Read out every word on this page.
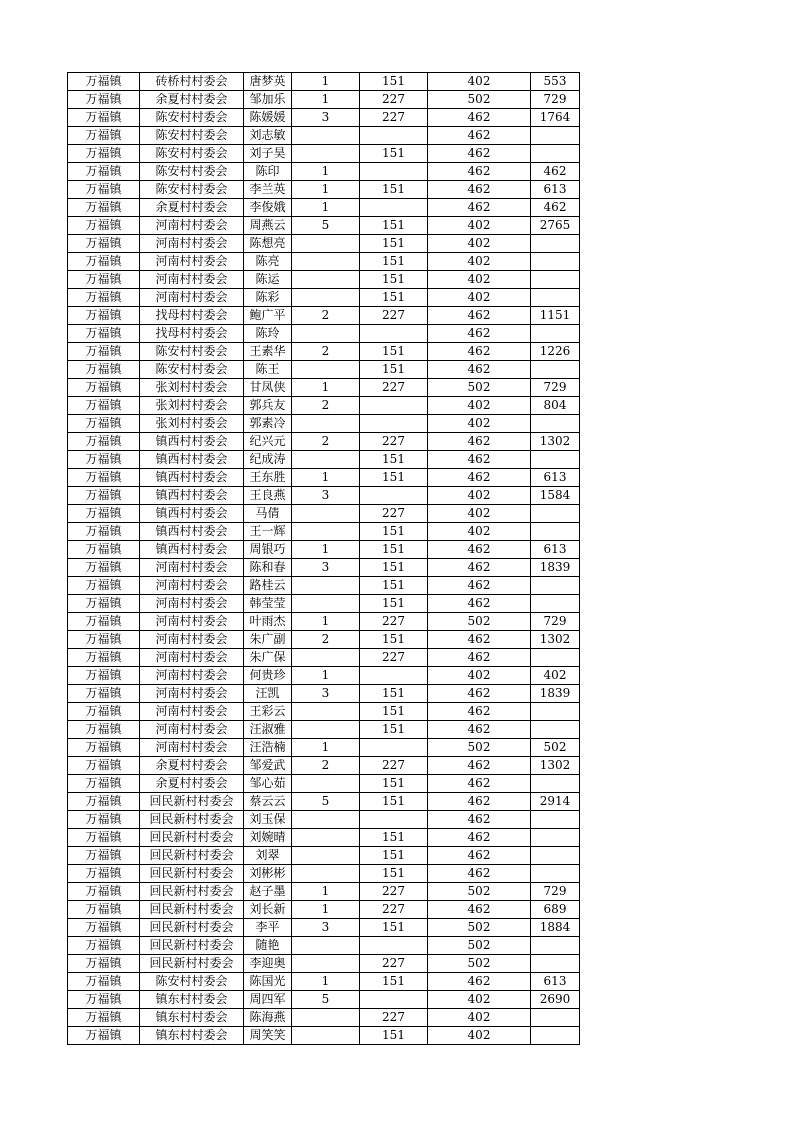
万福镇	砖桥村村委会	唐梦英	1	151	402	553
万福镇	余夏村村委会	邹加乐	1	227	502	729
万福镇	陈安村村委会	陈媛媛	3	227	462	1764
万福镇	陈安村村委会	刘志敏			462	
万福镇	陈安村村委会	刘子昊		151	462	
万福镇	陈安村村委会	陈印	1		462	462
万福镇	陈安村村委会	李兰英	1	151	462	613
万福镇	余夏村村委会	李俊娥	1		462	462
万福镇	河南村村委会	周燕云	5	151	402	2765
万福镇	河南村村委会	陈想亮		151	402	
万福镇	河南村村委会	陈亮		151	402	
万福镇	河南村村委会	陈运		151	402	
万福镇	河南村村委会	陈彩		151	402	
万福镇	找母村村委会	鲍广平	2	227	462	1151
万福镇	找母村村委会	陈玲			462	
万福镇	陈安村村委会	王素华	2	151	462	1226
万福镇	陈安村村委会	陈王		151	462	
万福镇	张刘村村委会	甘凤侠	1	227	502	729
万福镇	张刘村村委会	郭兵友	2		402	804
万福镇	张刘村村委会	郭素冷			402	
万福镇	镇西村村委会	纪兴元	2	227	462	1302
万福镇	镇西村村委会	纪成涛		151	462	
万福镇	镇西村村委会	王东胜	1	151	462	613
万福镇	镇西村村委会	王良燕	3		402	1584
万福镇	镇西村村委会	马倩		227	402	
万福镇	镇西村村委会	王一辉		151	402	
万福镇	镇西村村委会	周银巧	1	151	462	613
万福镇	河南村村委会	陈和春	3	151	462	1839
万福镇	河南村村委会	路桂云		151	462	
万福镇	河南村村委会	韩莹莹		151	462	
万福镇	河南村村委会	叶雨杰	1	227	502	729
万福镇	河南村村委会	朱广副	2	151	462	1302
万福镇	河南村村委会	朱广保		227	462	
万福镇	河南村村委会	何贵珍	1		402	402
万福镇	河南村村委会	汪凯	3	151	462	1839
万福镇	河南村村委会	王彩云		151	462	
万福镇	河南村村委会	汪淑雅		151	462	
万福镇	河南村村委会	汪浩楠	1		502	502
万福镇	余夏村村委会	邹爱武	2	227	462	1302
万福镇	余夏村村委会	邹心茹		151	462	
万福镇	回民新村村委会	蔡云云	5	151	462	2914
万福镇	回民新村村委会	刘玉保			462	
万福镇	回民新村村委会	刘婉晴		151	462	
万福镇	回民新村村委会	刘翠		151	462	
万福镇	回民新村村委会	刘彬彬		151	462	
万福镇	回民新村村委会	赵子墨	1	227	502	729
万福镇	回民新村村委会	刘长新	1	227	462	689
万福镇	回民新村村委会	李平	3	151	502	1884
万福镇	回民新村村委会	随艳			502	
万福镇	回民新村村委会	李迎奥		227	502	
万福镇	陈安村村委会	陈国光	1	151	462	613
万福镇	镇东村村委会	周四军	5		402	2690
万福镇	镇东村村委会	陈海燕		227	402	
万福镇	镇东村村委会	周笑笑		151	402	
